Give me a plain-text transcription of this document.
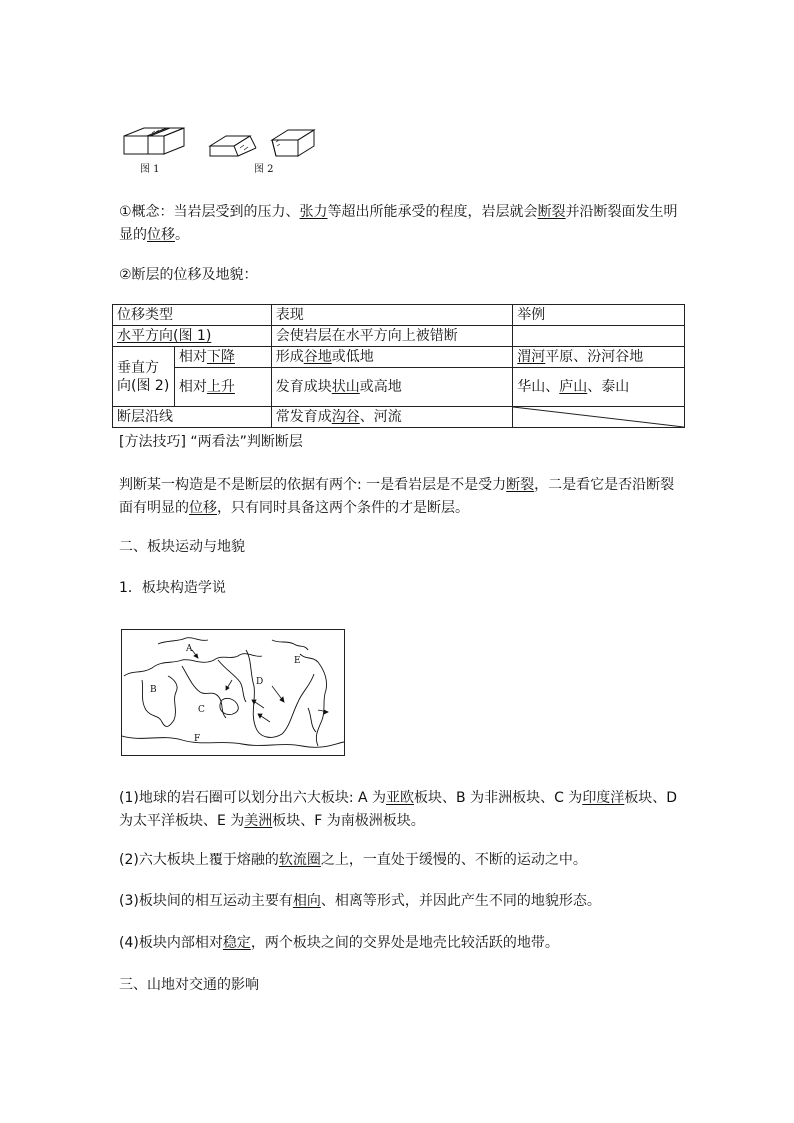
图 1	图 2
①概念：当岩层受到的压力、张力等超出所能承受的程度，岩层就会断裂并沿断裂面发生明显的位移。
②断层的位移及地貌：
位移类型		表现	举例
水平方向(图 1)		会使岩层在水平方向上被错断	
垂直方向(图 2)	相对下降	形成谷地或低地	渭河平原、汾河谷地
	相对上升	发育成块状山或高地	华山、庐山、泰山
断层沿线		常发育成沟谷、河流	
[方法技巧] “两看法”判断断层
判断某一构造是不是断层的依据有两个: 一是看岩层是不是受力断裂，二是看它是否沿断裂面有明显的位移，只有同时具备这两个条件的才是断层。
二、板块运动与地貌
1．板块构造学说
A
B
C
D
E
F
(1)地球的岩石圈可以划分出六大板块: A 为亚欧板块、B 为非洲板块、C 为印度洋板块、D 为太平洋板块、E 为美洲板块、F 为南极洲板块。
(2)六大板块上覆于熔融的软流圈之上，一直处于缓慢的、不断的运动之中。
(3)板块间的相互运动主要有相向、相离等形式，并因此产生不同的地貌形态。
(4)板块内部相对稳定，两个板块之间的交界处是地壳比较活跃的地带。
三、山地对交通的影响
